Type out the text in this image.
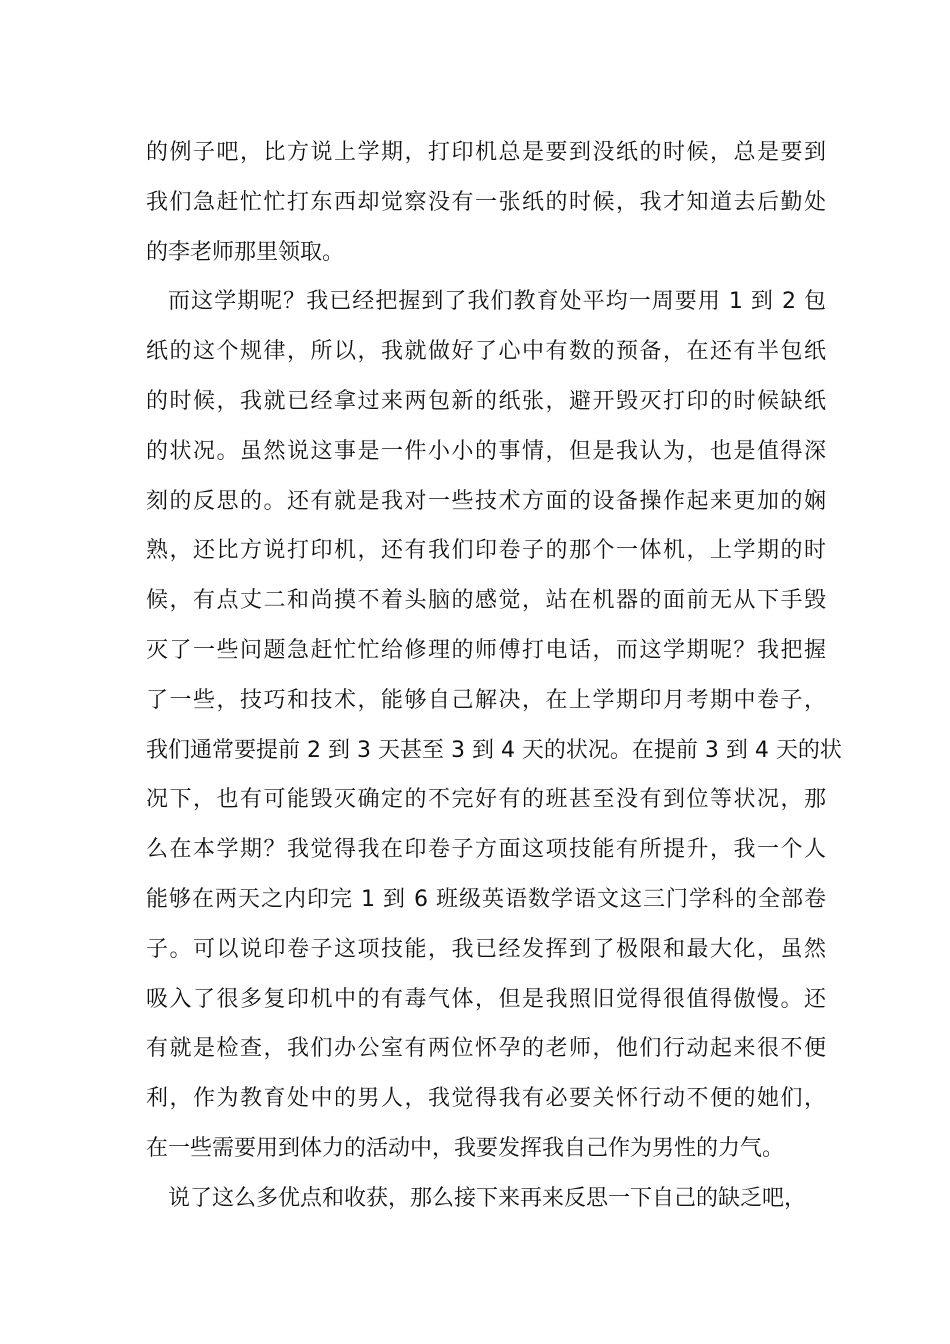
的例子吧，比方说上学期，打印机总是要到没纸的时候，总是要到
我们急赶忙忙打东西却觉察没有一张纸的时候，我才知道去后勤处
的李老师那里领取。
而这学期呢？我已经把握到了我们教育处平均一周要用 1 到 2 包
纸的这个规律，所以，我就做好了心中有数的预备，在还有半包纸
的时候，我就已经拿过来两包新的纸张，避开毁灭打印的时候缺纸
的状况。虽然说这事是一件小小的事情，但是我认为，也是值得深
刻的反思的。还有就是我对一些技术方面的设备操作起来更加的娴
熟，还比方说打印机，还有我们印卷子的那个一体机，上学期的时
候，有点丈二和尚摸不着头脑的感觉，站在机器的面前无从下手毁
灭了一些问题急赶忙忙给修理的师傅打电话，而这学期呢？我把握
了一些，技巧和技术，能够自己解决，在上学期印月考期中卷子，
我们通常要提前 2 到 3 天甚至 3 到 4 天的状况。在提前 3 到 4 天的状
况下，也有可能毁灭确定的不完好有的班甚至没有到位等状况，那
么在本学期？我觉得我在印卷子方面这项技能有所提升，我一个人
能够在两天之内印完 1 到 6 班级英语数学语文这三门学科的全部卷
子。可以说印卷子这项技能，我已经发挥到了极限和最大化，虽然
吸入了很多复印机中的有毒气体，但是我照旧觉得很值得傲慢。还
有就是检查，我们办公室有两位怀孕的老师，他们行动起来很不便
利，作为教育处中的男人，我觉得我有必要关怀行动不便的她们，
在一些需要用到体力的活动中，我要发挥我自己作为男性的力气。
说了这么多优点和收获，那么接下来再来反思一下自己的缺乏吧，
